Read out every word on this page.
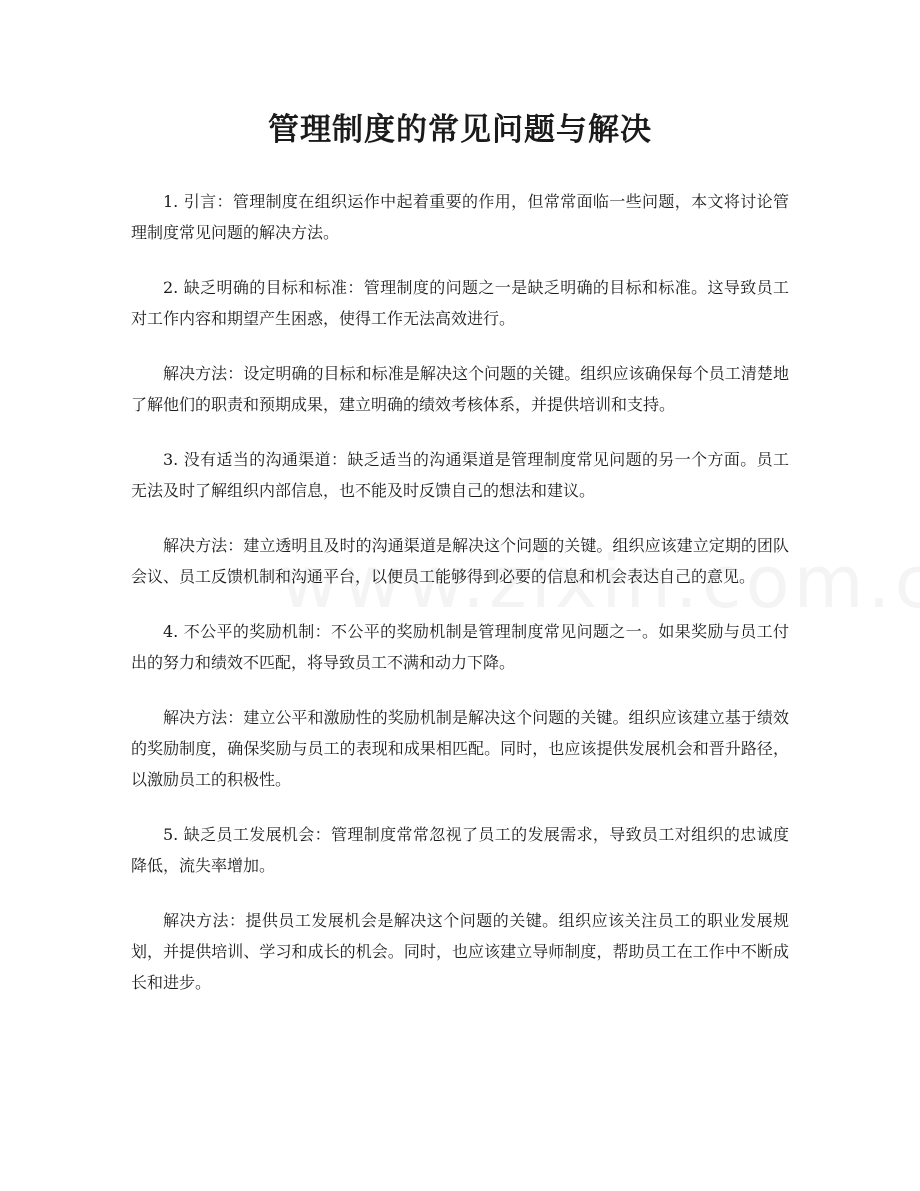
管理制度的常见问题与解决

1. 引言：管理制度在组织运作中起着重要的作用，但常常面临一些问题，本文将讨论管理制度常见问题的解决方法。

2. 缺乏明确的目标和标准：管理制度的问题之一是缺乏明确的目标和标准。这导致员工对工作内容和期望产生困惑，使得工作无法高效进行。

解决方法：设定明确的目标和标准是解决这个问题的关键。组织应该确保每个员工清楚地了解他们的职责和预期成果，建立明确的绩效考核体系，并提供培训和支持。

3. 没有适当的沟通渠道：缺乏适当的沟通渠道是管理制度常见问题的另一个方面。员工无法及时了解组织内部信息，也不能及时反馈自己的想法和建议。

解决方法：建立透明且及时的沟通渠道是解决这个问题的关键。组织应该建立定期的团队会议、员工反馈机制和沟通平台，以便员工能够得到必要的信息和机会表达自己的意见。

4. 不公平的奖励机制：不公平的奖励机制是管理制度常见问题之一。如果奖励与员工付出的努力和绩效不匹配，将导致员工不满和动力下降。

解决方法：建立公平和激励性的奖励机制是解决这个问题的关键。组织应该建立基于绩效的奖励制度，确保奖励与员工的表现和成果相匹配。同时，也应该提供发展机会和晋升路径，以激励员工的积极性。

5. 缺乏员工发展机会：管理制度常常忽视了员工的发展需求，导致员工对组织的忠诚度降低，流失率增加。

解决方法：提供员工发展机会是解决这个问题的关键。组织应该关注员工的职业发展规划，并提供培训、学习和成长的机会。同时，也应该建立导师制度，帮助员工在工作中不断成长和进步。
